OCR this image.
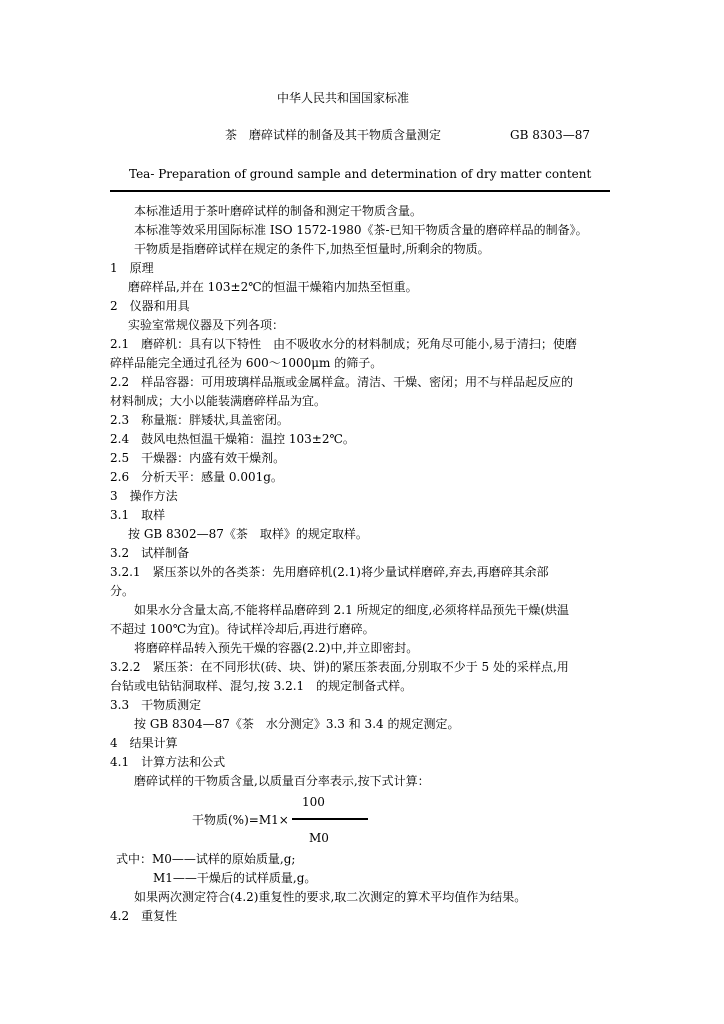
中华人民共和国国家标准
茶　磨碎试样的制备及其干物质含量测定	GB 8303—87
Tea- Preparation of ground sample and determination of dry matter content
本标准适用于茶叶磨碎试样的制备和测定干物质含量。
本标准等效采用国际标准 ISO 1572-1980《茶-已知干物质含量的磨碎样品的制备》。
干物质是指磨碎试样在规定的条件下,加热至恒量时,所剩余的物质。
1　原理
磨碎样品,并在 103±2℃的恒温干燥箱内加热至恒重。
2　仪器和用具
实验室常规仪器及下列各项：
2.1　磨碎机：具有以下特性　由不吸收水分的材料制成；死角尽可能小,易于清扫；使磨
碎样品能完全通过孔径为 600～1000μm 的筛子。
2.2　样品容器：可用玻璃样品瓶或金属样盒。清洁、干燥、密闭；用不与样品起反应的
材料制成；大小以能装满磨碎样品为宜。
2.3　称量瓶：胖矮状,具盖密闭。
2.4　鼓风电热恒温干燥箱：温控 103±2℃。
2.5　干燥器：内盛有效干燥剂。
2.6　分析天平：感量 0.001g。
3　操作方法
3.1　取样
按 GB 8302—87《茶　取样》的规定取样。
3.2　试样制备
3.2.1　紧压茶以外的各类茶：先用磨碎机(2.1)将少量试样磨碎,弃去,再磨碎其余部
分。
如果水分含量太高,不能将样品磨碎到 2.1 所规定的细度,必须将样品预先干燥(烘温
不超过 100℃为宜)。待试样冷却后,再进行磨碎。
将磨碎样品转入预先干燥的容器(2.2)中,并立即密封。
3.2.2　紧压茶：在不同形状(砖、块、饼)的紧压茶表面,分别取不少于 5 处的采样点,用
台钻或电钻钻洞取样、混匀,按 3.2.1　的规定制备式样。
3.3　干物质测定
按 GB 8304—87《茶　水分测定》3.3 和 3.4 的规定测定。
4　结果计算
4.1　计算方法和公式
磨碎试样的干物质含量,以质量百分率表示,按下式计算：
100
干物质(%)=M1×
M0
式中：M0——试样的原始质量,g;
M1——干燥后的试样质量,g。
如果两次测定符合(4.2)重复性的要求,取二次测定的算术平均值作为结果。
4.2　重复性
